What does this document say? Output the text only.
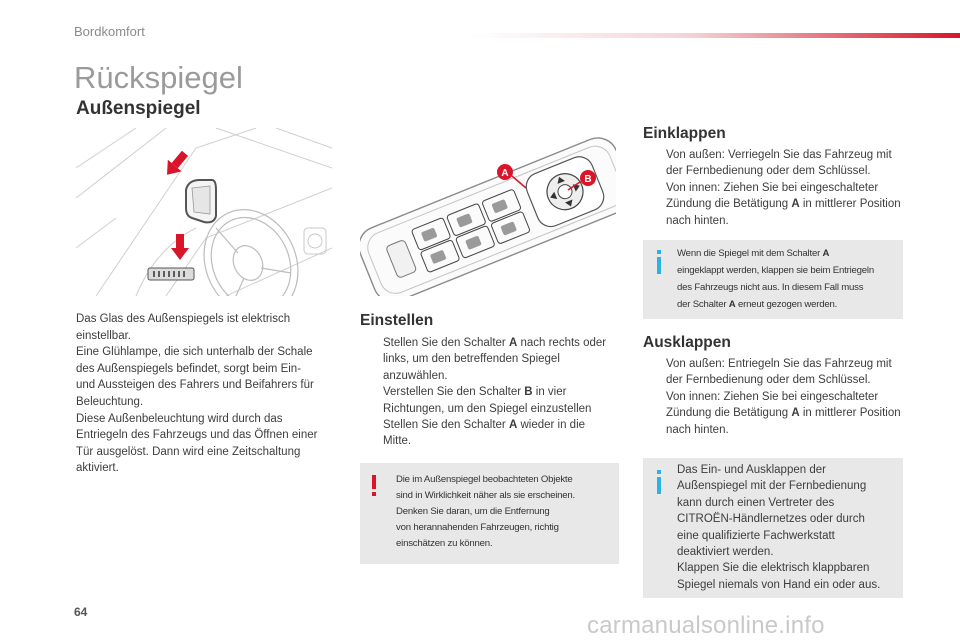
Bordkomfort
Rückspiegel
Außenspiegel
A
B
Das Glas des Außenspiegels ist elektrisch
einstellbar.
Eine Glühlampe, die sich unterhalb der Schale
des Außenspiegels befindet, sorgt beim Ein-
und Aussteigen des Fahrers und Beifahrers für
Beleuchtung.
Diese Außenbeleuchtung wird durch das
Entriegeln des Fahrzeugs und das Öffnen einer
Tür ausgelöst. Dann wird eine Zeitschaltung
aktiviert.
Einstellen
Stellen Sie den Schalter A nach rechts oder links, um den betreffenden Spiegel anzuwählen.
Verstellen Sie den Schalter B in vier Richtungen, um den Spiegel einzustellen
Stellen Sie den Schalter A wieder in die Mitte.
Die im Außenspiegel beobachteten Objekte
sind in Wirklichkeit näher als sie erscheinen.
Denken Sie daran, um die Entfernung
von herannahenden Fahrzeugen, richtig
einschätzen zu können.
Einklappen
Von außen: Verriegeln Sie das Fahrzeug mit der Fernbedienung oder dem Schlüssel.
Von innen: Ziehen Sie bei eingeschalteter Zündung die Betätigung A in mittlerer Position nach hinten.
Wenn die Spiegel mit dem Schalter A
eingeklappt werden, klappen sie beim Entriegeln
des Fahrzeugs nicht aus. In diesem Fall muss
der Schalter A erneut gezogen werden.
Ausklappen
Von außen: Entriegeln Sie das Fahrzeug mit der Fernbedienung oder dem Schlüssel.
Von innen: Ziehen Sie bei eingeschalteter Zündung die Betätigung A in mittlerer Position nach hinten.
Das Ein- und Ausklappen der
Außenspiegel mit der Fernbedienung
kann durch einen Vertreter des
CITROËN-Händlernetzes oder durch
eine qualifizierte Fachwerkstatt
deaktiviert werden.
Klappen Sie die elektrisch klappbaren
Spiegel niemals von Hand ein oder aus.
64	carmanualsonline.info
